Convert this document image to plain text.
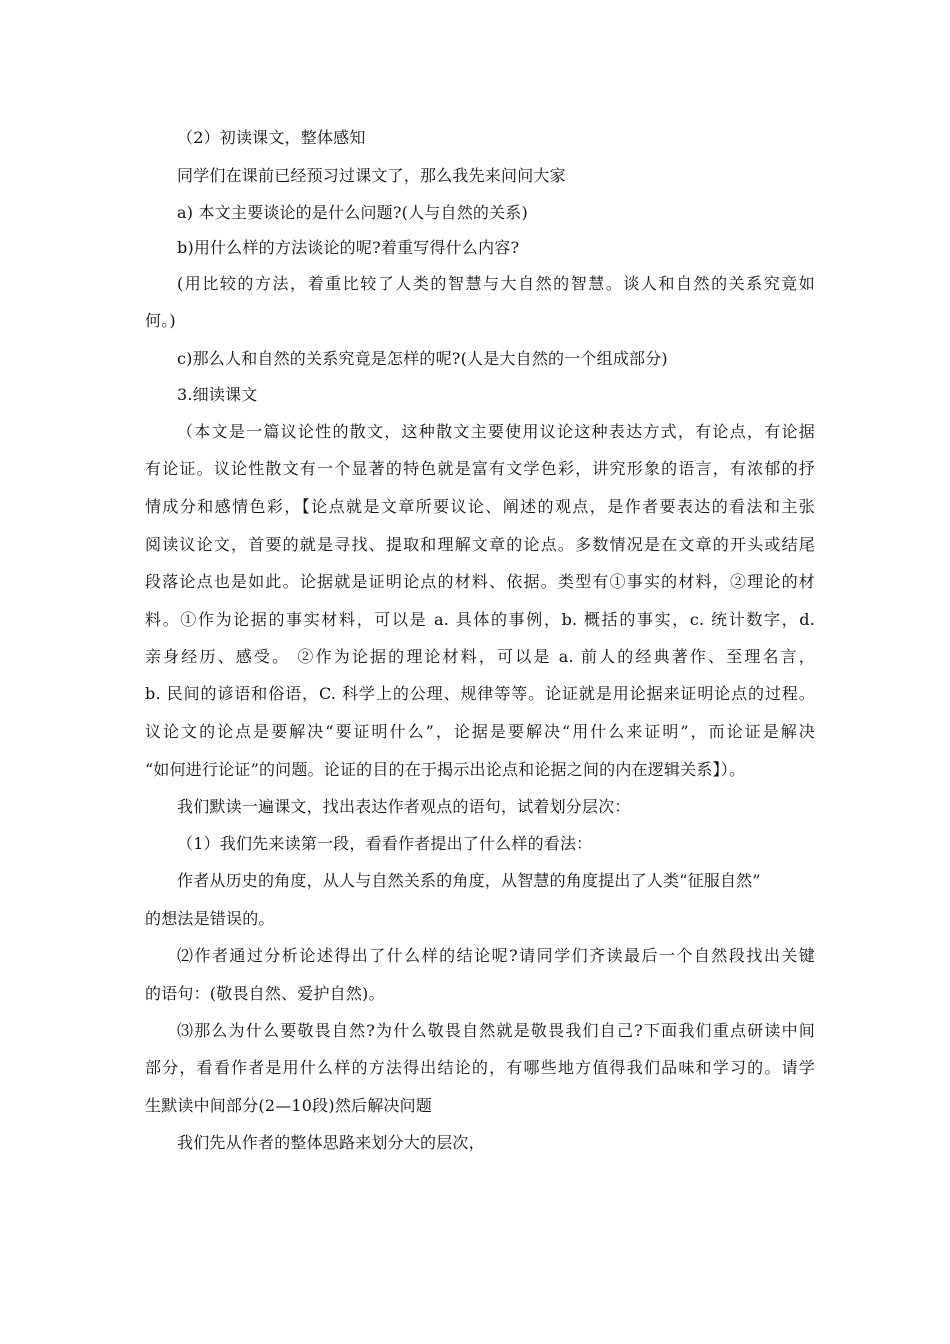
（2）初读课文，整体感知
同学们在课前已经预习过课文了，那么我先来问问大家
a) 本文主要谈论的是什么问题?(人与自然的关系)
b)用什么样的方法谈论的呢?着重写得什么内容?
(用比较的方法，着重比较了人类的智慧与大自然的智慧。谈人和自然的关系究竟如
何。)
c)那么人和自然的关系究竟是怎样的呢?(人是大自然的一个组成部分)
3.细读课文
（本文是一篇议论性的散文，这种散文主要使用议论这种表达方式，有论点，有论据
有论证。议论性散文有一个显著的特色就是富有文学色彩，讲究形象的语言，有浓郁的抒
情成分和感情色彩，【论点就是文章所要议论、阐述的观点，是作者要表达的看法和主张
阅读议论文，首要的就是寻找、提取和理解文章的论点。多数情况是在文章的开头或结尾
段落论点也是如此。论据就是证明论点的材料、依据。类型有①事实的材料，②理论的材
料。①作为论据的事实材料，可以是 a. 具体的事例，b. 概括的事实，c. 统计数字，d.
亲身经历、感受。 ②作为论据的理论材料，可以是 a. 前人的经典著作、至理名言，
b. 民间的谚语和俗语，C. 科学上的公理、规律等等。论证就是用论据来证明论点的过程。
议论文的论点是要解决“要证明什么”，论据是要解决“用什么来证明”，而论证是解决
“如何进行论证”的问题。论证的目的在于揭示出论点和论据之间的内在逻辑关系】）。
我们默读一遍课文，找出表达作者观点的语句，试着划分层次：
（1）我们先来读第一段，看看作者提出了什么样的看法：
作者从历史的角度，从人与自然关系的角度，从智慧的角度提出了人类“征服自然”
的想法是错误的。
⑵作者通过分析论述得出了什么样的结论呢?请同学们齐读最后一个自然段找出关键
的语句：(敬畏自然、爱护自然)。
⑶那么为什么要敬畏自然?为什么敬畏自然就是敬畏我们自己?下面我们重点研读中间
部分，看看作者是用什么样的方法得出结论的，有哪些地方值得我们品味和学习的。请学
生默读中间部分(2—10段)然后解决问题
我们先从作者的整体思路来划分大的层次，
